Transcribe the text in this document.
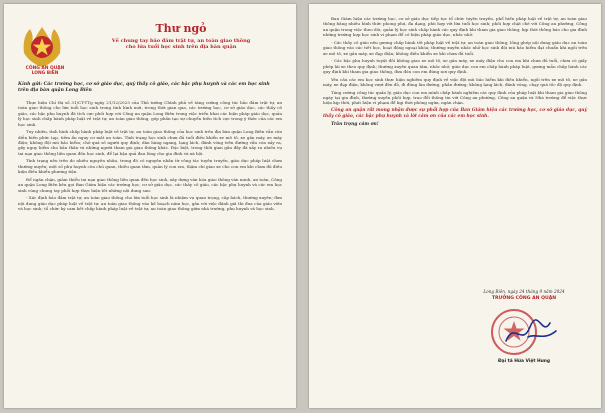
CÔNG AN QUẬN
LONG BIÊN
Thư ngỏ
Về chung tay bảo đảm trật tự, an toàn giao thông
cho lứa tuổi học sinh trên địa bàn quận
Kính gửi: Các trường học, cơ sở giáo dục, quý thầy cô giáo, các bậc phụ huynh và các em học sinh trên địa bàn quận Long Biên

Thực hiện Chỉ thị số 31/CT-TTg ngày 21/12/2023 của Thủ tướng Chính phủ về tăng cường công tác bảo đảm trật tự, an toàn giao thông cho lứa tuổi học sinh trong tình hình mới, trong thời gian qua, các trường học, cơ sở giáo dục, các thầy cô giáo, các bậc phụ huynh đã tích cực phối hợp với Công an quận Long Biên trong việc triển khai các biện pháp giáo dục, quản lý học sinh chấp hành pháp luật về trật tự, an toàn giao thông, góp phần tạo sự chuyển biến tích cực trong ý thức của các em học sinh.

Tuy nhiên, tình hình chấp hành pháp luật về trật tự, an toàn giao thông của học sinh trên địa bàn quận Long Biên vẫn còn diễn biến phức tạp, tiềm ẩn nguy cơ mất an toàn. Tình trạng học sinh chưa đủ tuổi điều khiển xe mô tô, xe gắn máy, xe máy điện; không đội mũ bảo hiểm; chở quá số người quy định; dàn hàng ngang, lạng lách, đánh võng trên đường vẫn còn xảy ra, gây nguy hiểm cho bản thân và những người tham gia giao thông khác. Đặc biệt, trong thời gian gần đây đã xảy ra nhiều vụ tai nạn giao thông liên quan đến học sinh, để lại hậu quả đau lòng cho gia đình và xã hội.

Tình trạng nêu trên do nhiều nguyên nhân, trong đó có nguyên nhân từ công tác tuyên truyền, giáo dục pháp luật chưa thường xuyên; một số phụ huynh còn chủ quan, thiếu quan tâm, quản lý con em, thậm chí giao xe cho con em khi chưa đủ điều kiện điều khiển phương tiện.

Để ngăn chặn, giảm thiểu tai nạn giao thông liên quan đến học sinh, xây dựng văn hóa giao thông văn minh, an toàn, Công an quận Long Biên kêu gọi Ban Giám hiệu các trường học, cơ sở giáo dục, các thầy cô giáo, các bậc phụ huynh và các em học sinh cùng chung tay phối hợp thực hiện tốt những nội dung sau:

- Xác định bảo đảm trật tự, an toàn giao thông cho lứa tuổi học sinh là nhiệm vụ quan trọng, cấp bách, thường xuyên; đưa nội dung giáo dục pháp luật về trật tự, an toàn giao thông vào kế hoạch năm học, gắn với việc đánh giá thi đua của giáo viên và học sinh; tổ chức ký cam kết chấp hành pháp luật về trật tự, an toàn giao thông giữa nhà trường, phụ huynh và học sinh.

Ban Giám hiệu các trường học, cơ sở giáo dục tiếp tục tổ chức tuyên truyền, phổ biến pháp luật về trật tự, an toàn giao thông bằng nhiều hình thức phong phú, đa dạng, phù hợp với lứa tuổi học sinh; phối hợp chặt chẽ với Công an phường, Công an quận trong việc theo dõi, quản lý học sinh chấp hành các quy định khi tham gia giao thông; kịp thời thông báo cho gia đình những trường hợp học sinh vi phạm để có biện pháp giáo dục, nhắc nhở.

- Các thầy cô giáo nêu gương chấp hành tốt pháp luật về trật tự, an toàn giao thông; lồng ghép nội dung giáo dục an toàn giao thông vào các tiết học, hoạt động ngoại khóa; thường xuyên nhắc nhở học sinh đội mũ bảo hiểm đạt chuẩn khi ngồi trên xe mô tô, xe gắn máy, xe đạp điện; không điều khiển xe khi chưa đủ tuổi.

- Các bậc phụ huynh tuyệt đối không giao xe mô tô, xe gắn máy, xe máy điện cho con em khi chưa đủ tuổi, chưa có giấy phép lái xe theo quy định; thường xuyên quan tâm, nhắc nhở, giáo dục con em chấp hành pháp luật, gương mẫu chấp hành các quy định khi tham gia giao thông, đưa đón con em đúng nơi quy định.

Yêu cầu các em học sinh thực hiện nghiêm quy định về việc đội mũ bảo hiểm khi điều khiển, ngồi trên xe mô tô, xe gắn máy, xe đạp điện; không vượt đèn đỏ, đi đúng làn đường, phần đường; không lạng lách, đánh võng, chạy quá tốc độ quy định.

Tăng cường công tác quản lý, giáo dục con em mình chấp hành nghiêm các quy định của pháp luật khi tham gia giao thông ngày tại gia đình, thường xuyên phối hợp, trao đổi thông tin với Công an phường, Công an quận và Nhà trường để việc thực hiện kịp thời, phát hiện vi phạm để kịp thời phòng ngừa, ngăn chặn.

Công an quận rất mong nhận được sự phối hợp của Ban Giám hiệu các trường học, cơ sở giáo dục, quý thầy cô giáo, các bậc phụ huynh và lời cảm ơn của các em học sinh.

Trân trọng cảm ơn!

Long Biên, ngày 24 tháng 9 năm 2024

TRƯỞNG CÔNG AN QUẬN

Đại tá Hứa Việt Hưng
